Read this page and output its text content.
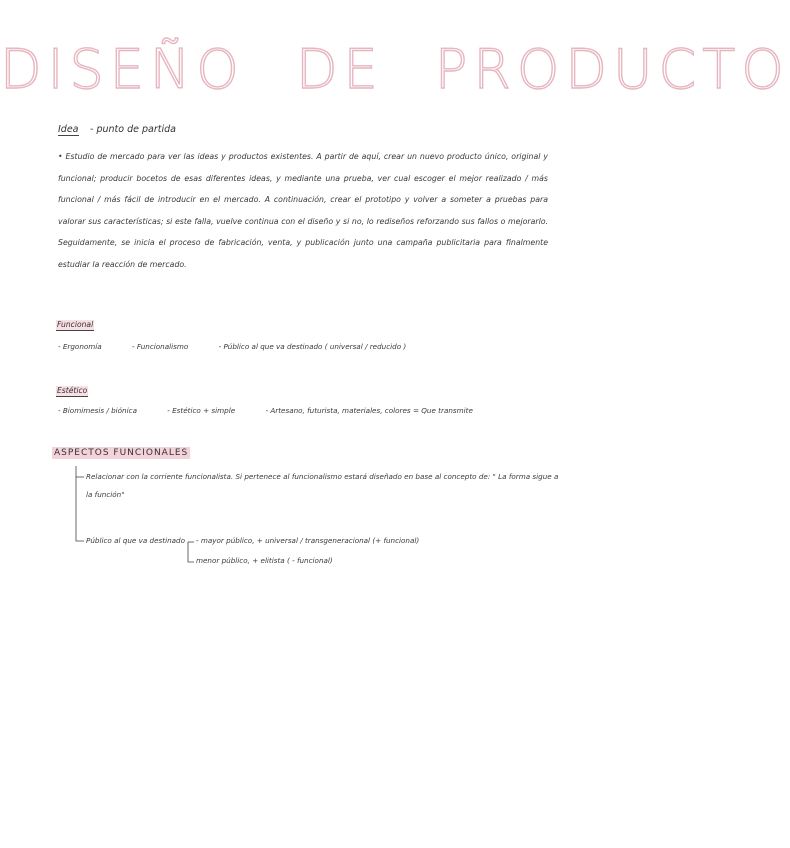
DISEÑO DE PRODUCTO
Idea - punto de partida
• Estudio de mercado para ver las ideas y productos existentes. A partir de aquí, crear un nuevo producto único, original y funcional; producir bocetos de esas diferentes ideas, y mediante una prueba, ver cual escoger el mejor realizado / más funcional / más fácil de introducir en el mercado. A continuación, crear el prototipo y volver a someter a pruebas para valorar sus características; si este falla, vuelve continua con el diseño y si no, lo rediseños reforzando sus fallos o mejorarlo. Seguidamente, se inicia el proceso de fabricación, venta, y publicación junto una campaña publicitaria para finalmente estudiar la reacción de mercado.
Funcional
- Ergonomía	- Funcionalismo	- Público al que va destinado ( universal / reducido )
Estético
- Biomimesis / biónica	- Estético + simple	- Artesano, futurista, materiales, colores = Que transmite
ASPECTOS FUNCIONALES
Relacionar con la corriente funcionalista. Si pertenece al funcionalismo estará diseñado en base al concepto de: " La forma sigue a
la función"
Público al que va destinado - mayor público, + universal / transgeneracional (+ funcional)
menor público, + elitista ( - funcional)
